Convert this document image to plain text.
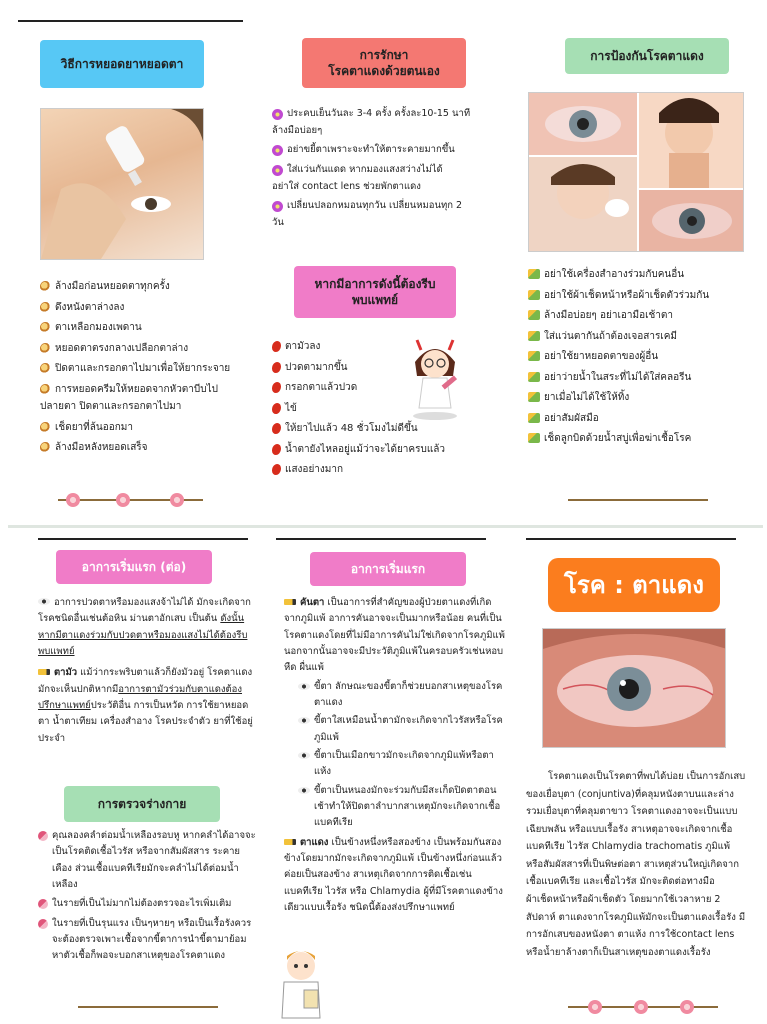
วิธีการหยอดยาหยอดตา
ล้างมือก่อนหยอดตาทุกครั้ง
ดึงหนังตาล่างลง
ตาเหลือกมองเพดาน
หยอดตาตรงกลางเปลือกตาล่าง
ปิดตาและกรอกตาไปมาเพื่อให้ยากระจาย
การหยอดครีมให้หยอดจากหัวตาบีบไป
ปลายตา ปิดตาและกรอกตาไปมา
เช็ดยาที่ล้นออกมา
ล้างมือหลังหยอดเสร็จ
การรักษา
โรคตาแดงด้วยตนเอง
ประคบเย็นวันละ 3-4 ครั้ง ครั้งละ10-15 นาที
ล้างมือบ่อยๆ
อย่าขยี้ตาเพราะจะทำให้ตาระคายมากขึ้น
ใส่แว่นกันแดด หากมองแสงสว่างไม่ได้
อย่าใส่ contact lens ช่วยพักตาแดง
เปลี่ยนปลอกหมอนทุกวัน เปลี่ยนหมอนทุก 2
วัน
หากมีอาการดังนี้ต้องรีบ
พบแพทย์
ตามัวลง
ปวดตามากขึ้น
กรอกตาแล้วปวด
ไข้
ให้ยาไปแล้ว 48 ชั่วโมงไม่ดีขึ้น
น้ำตายังไหลอยู่แม้ว่าจะได้ยาครบแล้ว
แสงอย่างมาก
การป้องกันโรคตาแดง
อย่าใช้เครื่องสำอางร่วมกับคนอื่น
อย่าใช้ผ้าเช็ดหน้าหรือผ้าเช็ดตัวร่วมกัน
ล้างมือบ่อยๆ อย่าเอามือเช้าตา
ใส่แว่นตากันถ้าต้องเจอสารเคมี
อย่าใช้ยาหยอดตาของผู้อื่น
อย่าว่ายน้ำในสระที่ไม่ได้ใส่คลอรีน
ยาเมื่อไม่ได้ใช้ให้ทิ้ง
อย่าสัมผัสมือ
เช็ดลูกบิดด้วยน้ำสบู่เพื่อฆ่าเชื้อโรค
อาการเริ่มแรก (ต่อ)
อาการปวดตาหรือมองแสงจ้าไม่ได้ มักจะเกิดจากโรคชนิดอื่นเช่นต้อหิน ม่านตาอักเสบ เป็นต้น ดังนั้นหากมีตาแดงร่วมกับปวดตาหรือมองแสงไม่ได้ต้องรีบพบแพทย์
ตามัว แม้ว่ากระพริบตาแล้วก็ยังมัวอยู่ โรคตาแดงมักจะเห็นปกติหากมีอาการตามัวร่วมกับตาแดงต้องปรึกษาแพทย์ประวัติอื่น การเป็นหวัด การใช้ยาหยอดตา น้ำตาเทียม เครื่องสำอาง โรคประจำตัว ยาที่ใช้อยู่ประจำ
การตรวจร่างกาย
คุณลองคลำต่อมน้ำเหลืองรอบหู หากคลำได้อาจจะเป็นโรคติดเชื้อไวรัส หรือจากสัมผัสสาร ระคายเคือง ส่วนเชื้อแบคทีเรียมักจะคลำไม่ได้ต่อมน้ำเหลือง
ในรายที่เป็นไม่มากไม่ต้องตรวจอะไรเพิ่มเติม
ในรายที่เป็นรุนแรง เป็นๆหายๆ หรือเป็นเรื้อรังควรจะต้องตรวจเพาะเชื้อจากขี้ตาการนำขี้ตามาย้อมหาตัวเชื้อก็พอจะบอกสาเหตุของโรคตาแดง
อาการเริ่มแรก
คันตา เป็นอาการที่สำคัญของผู้ป่วยตาแดงที่เกิดจากภูมิแพ้ อาการคันอาจจะเป็นมากหรือน้อย คนที่เป็นโรคตาแดงโดยที่ไม่มีอาการคันไม่ใช่เกิดจากโรคภูมิแพ้ นอกจากนั้นอาจจะมีประวัติภูมิแพ้ในครอบครัวเช่นหอบหืด ผื่นแพ้
ขี้ตา ลักษณะของขี้ตาก็ช่วยบอกสาเหตุของโรคตาแดง
ขี้ตาใสเหมือนน้ำตามักจะเกิดจากไวรัสหรือโรคภูมิแพ้
ขี้ตาเป็นเมือกขาวมักจะเกิดจากภูมิแพ้หรือตาแห้ง
ขี้ตาเป็นหนองมักจะร่วมกับมีสะเก็ดปิดตาตอนเช้าทำให้ปิดตาลำบากสาเหตุมักจะเกิดจากเชื้อแบคทีเรีย
ตาแดง เป็นข้างหนึ่งหรือสองข้าง เป็นพร้อมกันสองข้างโดยมากมักจะเกิดจากภูมิแพ้ เป็นข้างหนึ่งก่อนแล้วค่อยเป็นสองข้าง สาเหตุเกิดจากการติดเชื้อเช่นแบคทีเรีย ไวรัส หรือ Chlamydia ผู้ที่มีโรคตาแดงข้างเดียวแบบเรื้อรัง ชนิดนี้ต้องส่งปรึกษาแพทย์
โรค : ตาแดง
โรคตาแดงเป็นโรคตาที่พบได้บ่อย เป็นการอักเสบของเยื่อบุตา (conjuntiva)ที่คลุมหนังตาบนและล่างรวมเยื่อบุตาที่คลุมตาขาว โรคตาแดงอาจจะเป็นแบบเฉียบพลัน หรือแบบเรื้อรัง สาเหตุอาจจะเกิดจากเชื้อแบคทีเรีย ไวรัส Chlamydia trachomatis ภูมิแพ้ หรือสัมผัสสารที่เป็นพิษต่อตา สาเหตุส่วนใหญ่เกิดจากเชื้อแบคทีเรีย และเชื้อไวรัส มักจะติดต่อทางมือ ผ้าเช็ดหน้าหรือผ้าเช็ดตัว โดยมากใช้เวลาหาย 2 สัปดาห์ ตาแดงจากโรคภูมิแพ้มักจะเป็นตาแดงเรื้อรัง มีการอักเสบของหนังตา ตาแห้ง การใช้contact lens หรือน้ำยาล้างตาก็เป็นสาเหตุของตาแดงเรื้อรัง
